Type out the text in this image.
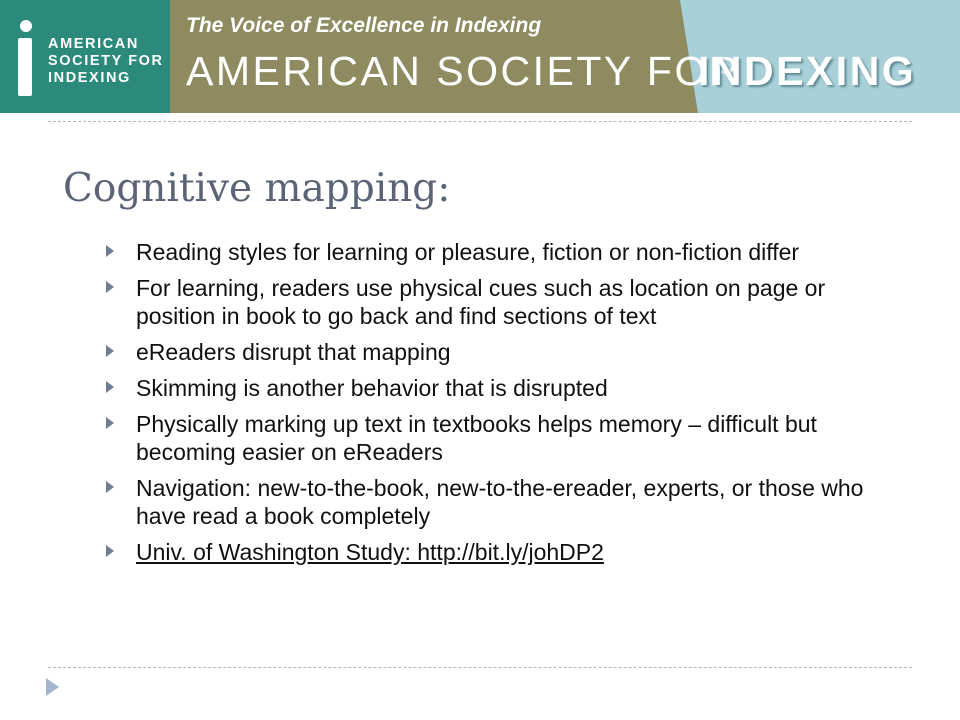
AMERICAN
SOCIETY FOR
INDEXING
The Voice of Excellence in Indexing
AMERICAN SOCIETY FOR
INDEXING
Cognitive mapping:
Reading styles for learning or pleasure, fiction or non-fiction differ
For learning, readers use physical cues such as location on page or position in book to go back and find sections of text
eReaders disrupt that mapping
Skimming is another behavior that is disrupted
Physically marking up text in textbooks helps memory – difficult but becoming easier on eReaders
Navigation: new-to-the-book, new-to-the-ereader, experts, or those who have read a book completely
Univ. of Washington Study: http://bit.ly/johDP2
